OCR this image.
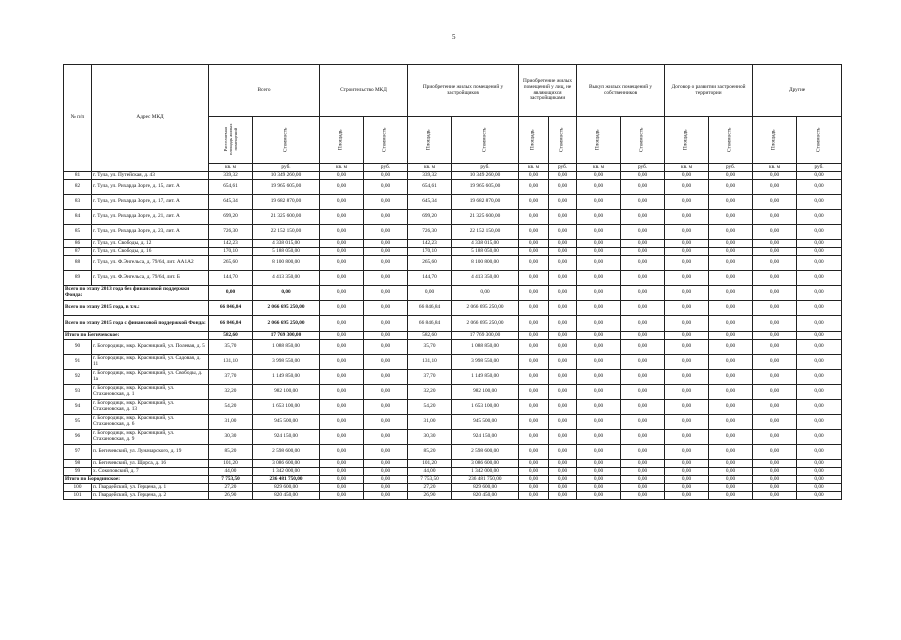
5
№ п/п	Адрес МКД	Всего		Строительство МКД		Приобретение жилых помещений у застройщиков		Приобретение жилых помещений у лиц, не являющихся застройщиками		Выкуп жилых помещений у собственников		Договор о развитии застроенной территории		Другие	
		Расселяемая площадь жилых помещений	Стоимость	Площадь	Стоимость	Площадь	Стоимость	Площадь	Стоимость	Площадь	Стоимость	Площадь	Стоимость	Площадь	Стоимость
		кв. м	руб.	кв. м	руб.	кв. м	руб.	кв. м	руб.	кв. м	руб.	кв. м	руб.	кв. м	руб.
81	г. Тула, ул. Путейская, д. 43	339,32	10 349 260,00	0,00	0,00	339,32	10 349 260,00	0,00	0,00	0,00	0,00	0,00	0,00	0,00	0,00
82	г. Тула, ул. Рихарда Зорге, д. 15, лит. А	654,61	19 965 605,00	0,00	0,00	654,61	19 965 605,00	0,00	0,00	0,00	0,00	0,00	0,00	0,00	0,00
83	г. Тула, ул. Рихарда Зорге, д. 17, лит. А	645,34	19 682 870,00	0,00	0,00	645,34	19 682 870,00	0,00	0,00	0,00	0,00	0,00	0,00	0,00	0,00
84	г. Тула, ул. Рихарда Зорге, д. 21, лит. А	699,20	21 325 600,00	0,00	0,00	699,20	21 325 600,00	0,00	0,00	0,00	0,00	0,00	0,00	0,00	0,00
85	г. Тула, ул. Рихарда Зорге, д. 23, лит. А	726,30	22 152 150,00	0,00	0,00	726,30	22 152 150,00	0,00	0,00	0,00	0,00	0,00	0,00	0,00	0,00
86	г. Тула, ул. Свободы, д. 12	142,23	4 338 015,00	0,00	0,00	142,23	4 338 015,00	0,00	0,00	0,00	0,00	0,00	0,00	0,00	0,00
87	г. Тула, ул. Свободы, д. 16	170,10	5 188 050,00	0,00	0,00	170,10	5 188 050,00	0,00	0,00	0,00	0,00	0,00	0,00	0,00	0,00
88	г. Тула, ул. Ф.Энгельса, д. 79/64, лит. АА1А2	265,60	8 100 800,00	0,00	0,00	265,60	8 100 800,00	0,00	0,00	0,00	0,00	0,00	0,00	0,00	0,00
89	г. Тула, ул. Ф.Энгельса, д. 79/64, лит. Б	144,70	4 413 350,00	0,00	0,00	144,70	4 413 350,00	0,00	0,00	0,00	0,00	0,00	0,00	0,00	0,00
Всего по этапу 2013 года без финансовой поддержки Фонда:		0,00	0,00	0,00	0,00	0,00	0,00	0,00	0,00	0,00	0,00	0,00	0,00	0,00	0,00
Всего по этапу 2015 года, в т.ч.:		66 846,84	2 066 695 250,00	0,00	0,00	66 846,84	2 066 695 250,00	0,00	0,00	0,00	0,00	0,00	0,00	0,00	0,00
Всего по этапу 2015 года с финансовой поддержкой Фонда:		66 846,84	2 066 695 250,00	0,00	0,00	66 846,84	2 066 695 250,00	0,00	0,00	0,00	0,00	0,00	0,00	0,00	0,00
Итого по Бегичевское:		582,60	17 769 300,00	0,00	0,00	582,60	17 769 300,00	0,00	0,00	0,00	0,00	0,00	0,00	0,00	0,00
90	г. Богородицк, мкр. Красницкий, ул. Полевая, д. 5	35,70	1 088 850,00	0,00	0,00	35,70	1 088 850,00	0,00	0,00	0,00	0,00	0,00	0,00	0,00	0,00
91	г. Богородицк, мкр. Красницкий, ул. Садовая, д. 11	131,10	3 998 550,00	0,00	0,00	131,10	3 998 550,00	0,00	0,00	0,00	0,00	0,00	0,00	0,00	0,00
92	г. Богородицк, мкр. Красницкий, ул. Свободы, д. 1а	37,70	1 149 850,00	0,00	0,00	37,70	1 149 850,00	0,00	0,00	0,00	0,00	0,00	0,00	0,00	0,00
93	г. Богородицк, мкр. Красницкий, ул. Стахановская, д. 1	32,20	982 100,00	0,00	0,00	32,20	982 100,00	0,00	0,00	0,00	0,00	0,00	0,00	0,00	0,00
94	г. Богородицк, мкр. Красницкий, ул. Стахановская, д. 13	54,20	1 653 100,00	0,00	0,00	54,20	1 653 100,00	0,00	0,00	0,00	0,00	0,00	0,00	0,00	0,00
95	г. Богородицк, мкр. Красницкий, ул. Стахановская, д. 6	31,00	945 500,00	0,00	0,00	31,00	945 500,00	0,00	0,00	0,00	0,00	0,00	0,00	0,00	0,00
96	г. Богородицк, мкр. Красницкий, ул. Стахановская, д. 9	30,30	924 150,00	0,00	0,00	30,30	924 150,00	0,00	0,00	0,00	0,00	0,00	0,00	0,00	0,00
97	п. Бегичевский, ул. Луначарского, д. 19	85,20	2 598 600,00	0,00	0,00	85,20	2 598 600,00	0,00	0,00	0,00	0,00	0,00	0,00	0,00	0,00
98	п. Бегичевский, ул. Щорса, д. 16	101,20	3 086 600,00	0,00	0,00	101,20	3 086 600,00	0,00	0,00	0,00	0,00	0,00	0,00	0,00	0,00
99	х. Сокоповский, д. 7	44,00	1 342 000,00	0,00	0,00	44,00	1 342 000,00	0,00	0,00	0,00	0,00	0,00	0,00	0,00	0,00
Итого по Бородинское:		7 753,50	236 481 750,00	0,00	0,00	7 753,50	236 481 750,00	0,00	0,00	0,00	0,00	0,00	0,00	0,00	0,00
100	п. Гвардейский, ул. Герцена, д. 1	27,20	829 600,00	0,00	0,00	27,20	829 600,00	0,00	0,00	0,00	0,00	0,00	0,00	0,00	0,00
101	п. Гвардейский, ул. Герцена, д. 2	26,90	820 450,00	0,00	0,00	26,90	820 450,00	0,00	0,00	0,00	0,00	0,00	0,00	0,00	0,00
